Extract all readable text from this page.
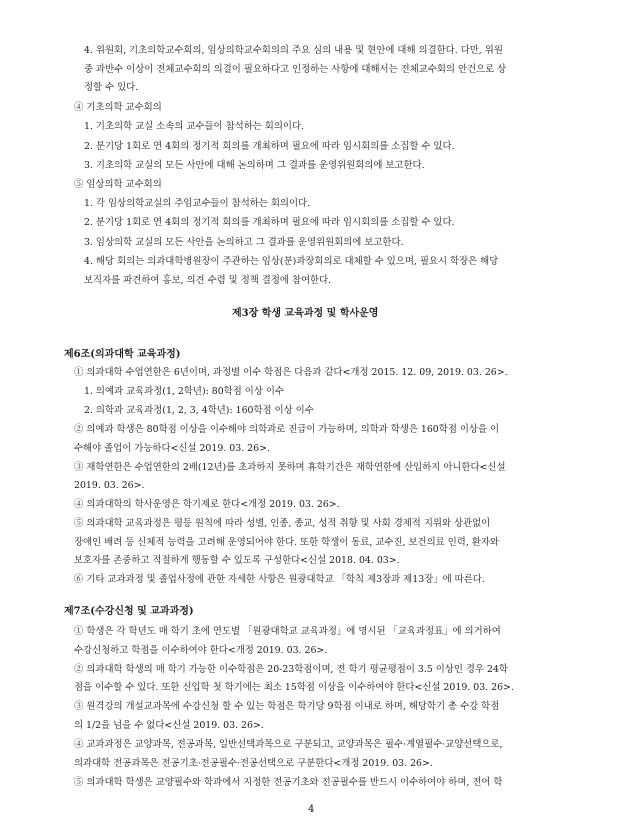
4. 위원회, 기초의학교수회의, 임상의학교수회의의 주요 심의 내용 및 현안에 대해 의결한다. 다만, 위원
중 과반수 이상이 전체교수회의 의결이 필요하다고 인정하는 사항에 대해서는 전체교수회의 안건으로 상
정할 수 있다.
④ 기초의학 교수회의
1. 기초의학 교실 소속의 교수들이 참석하는 회의이다.
2. 분기당 1회로 연 4회의 정기적 회의를 개최하며 필요에 따라 임시회의를 소집할 수 있다.
3. 기초의학 교실의 모든 사안에 대해 논의하며 그 결과를 운영위원회의에 보고한다.
⑤ 임상의학 교수회의
1. 각 임상의학교실의 주임교수들이 참석하는 회의이다.
2. 분기당 1회로 연 4회의 정기적 회의를 개최하며 필요에 따라 임시회의를 소집할 수 있다.
3. 임상의학 교실의 모든 사안을 논의하고 그 결과를 운영위원회의에 보고한다.
4. 해당 회의는 의과대학병원장이 주관하는 임상(분)과장회의로 대체할 수 있으며, 필요시 학장은 해당
보직자를 파견하여 홍보, 의견 수렴 및 정책 결정에 참여한다.
제3장 학생 교육과정 및 학사운영
제6조(의과대학 교육과정)
① 의과대학 수업연한은 6년이며, 과정별 이수 학점은 다음과 같다<개정 2015. 12. 09, 2019. 03. 26>.
1. 의예과 교육과정(1, 2학년): 80학점 이상 이수
2. 의학과 교육과정(1, 2, 3, 4학년): 160학점 이상 이수
② 의예과 학생은 80학점 이상을 이수해야 의학과로 진급이 가능하며, 의학과 학생은 160학점 이상을 이
수해야 졸업이 가능하다<신설 2019. 03. 26>.
③ 재학연한은 수업연한의 2배(12년)를 초과하지 못하며 휴학기간은 재학연한에 산입하지 아니한다<신설
2019. 03. 26>.
④ 의과대학의 학사운영은 학기제로 한다<개정 2019. 03. 26>.
⑤ 의과대학 교육과정은 평등 원칙에 따라 성별, 인종, 종교, 성적 취향 및 사회 경제적 지위와 상관없이
장애인 배려 등 신체적 능력을 고려해 운영되어야 한다. 또한 학생이 동료, 교수진, 보건의료 인력, 환자와
보호자를 존중하고 적절하게 행동할 수 있도록 구성한다<신설 2018. 04. 03>.
⑥ 기타 교과과정 및 졸업사정에 관한 자세한 사항은 원광대학교 「학칙 제3장과 제13장」에 따른다.
제7조(수강신청 및 교과과정)
① 학생은 각 학년도 매 학기 초에 연도별 「원광대학교 교육과정」에 명시된 「교육과정표」에 의거하여
수강신청하고 학점을 이수하여야 한다<개정 2019. 03. 26>.
② 의과대학 학생의 매 학기 가능한 이수학점은 20-23학점이며, 전 학기 평균평점이 3.5 이상인 경우 24학
점을 이수할 수 있다. 또한 신입학 첫 학기에는 최소 15학점 이상을 이수하여야 한다<신설 2019. 03. 26>.
③ 원격강의 개설교과목에 수강신청 할 수 있는 학점은 학기당 9학점 이내로 하며, 해당학기 총 수강 학점
의 1/2을 넘을 수 없다<신설 2019. 03. 26>.
④ 교과과정은 교양과목, 전공과목, 일반선택과목으로 구분되고, 교양과목은 필수·계열필수·교양선택으로,
의과대학 전공과목은 전공기초·전공필수·전공선택으로 구분한다<개정 2019. 03. 26>.
⑤ 의과대학 학생은 교양필수와 학과에서 지정한 전공기초와 전공필수를 반드시 이수하여야 하며, 전어 학
4
